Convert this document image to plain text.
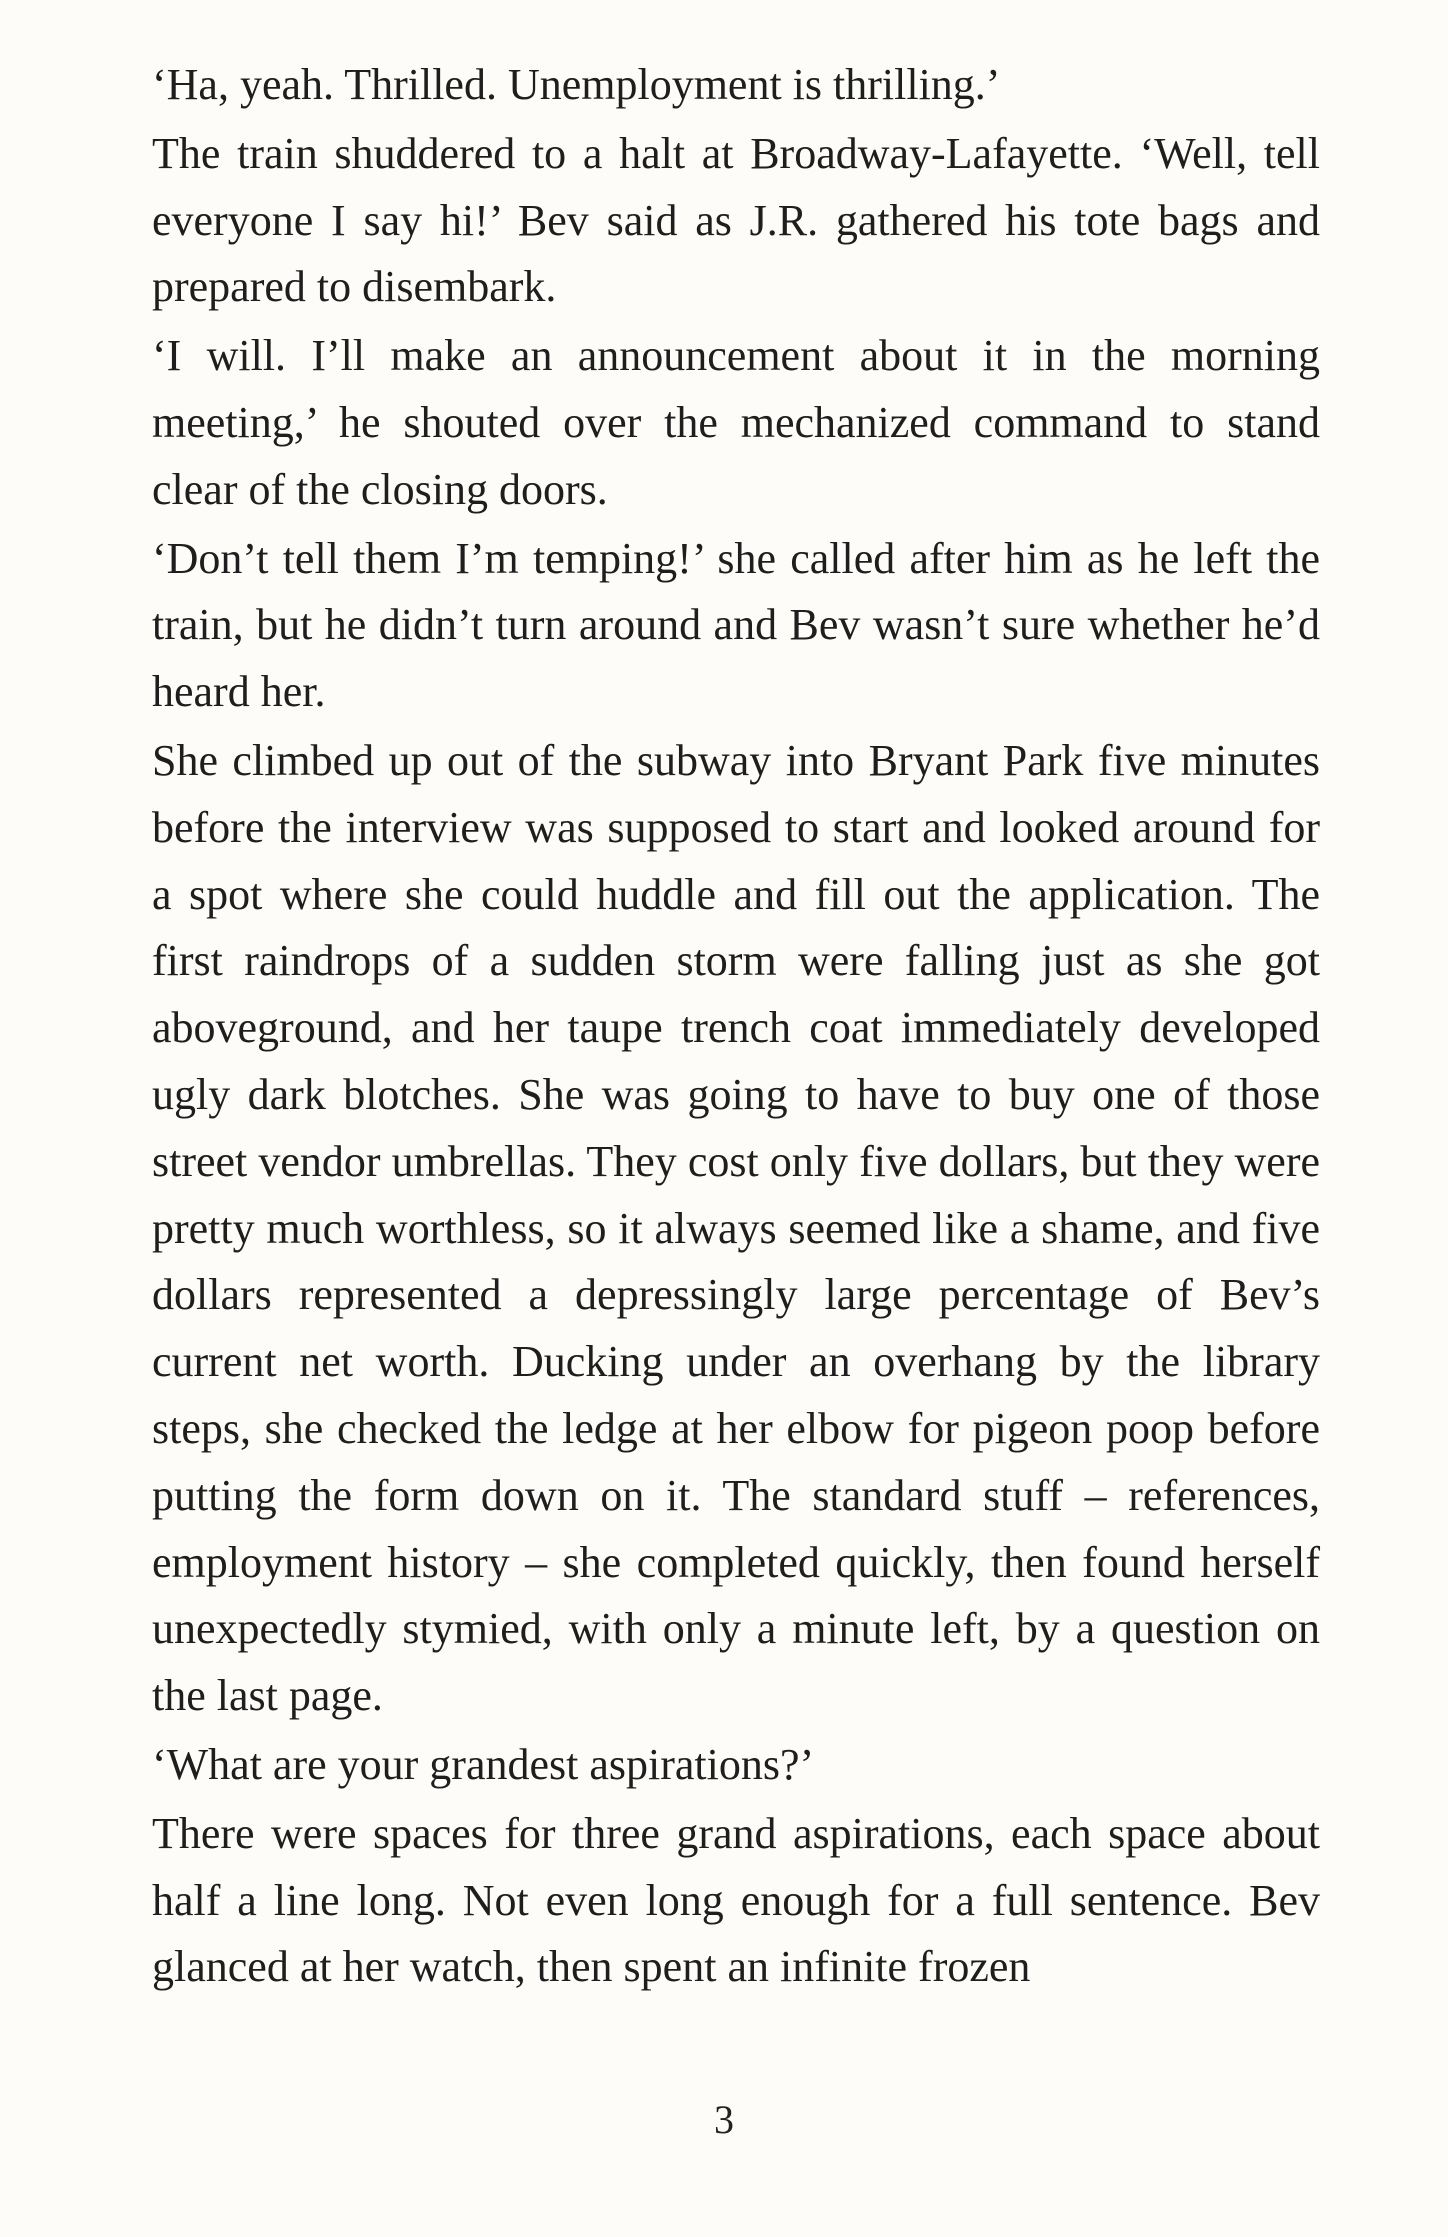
‘Ha, yeah. Thrilled. Unemployment is thrilling.’

The train shuddered to a halt at Broadway-Lafayette. ‘Well, tell everyone I say hi!’ Bev said as J.R. gathered his tote bags and prepared to disembark.

‘I will. I’ll make an announcement about it in the morning meeting,’ he shouted over the mechanized command to stand clear of the closing doors.

‘Don’t tell them I’m temping!’ she called after him as he left the train, but he didn’t turn around and Bev wasn’t sure whether he’d heard her.

She climbed up out of the subway into Bryant Park five minutes before the interview was supposed to start and looked around for a spot where she could huddle and fill out the application. The first raindrops of a sudden storm were falling just as she got aboveground, and her taupe trench coat immediately developed ugly dark blotches. She was going to have to buy one of those street vendor umbrellas. They cost only five dollars, but they were pretty much worthless, so it always seemed like a shame, and five dollars represented a depressingly large percentage of Bev’s current net worth. Ducking under an overhang by the library steps, she checked the ledge at her elbow for pigeon poop before putting the form down on it. The standard stuff – references, employment history – she completed quickly, then found herself unexpectedly stymied, with only a minute left, by a question on the last page.

‘What are your grandest aspirations?’

There were spaces for three grand aspirations, each space about half a line long. Not even long enough for a full sentence. Bev glanced at her watch, then spent an infinite frozen

3
